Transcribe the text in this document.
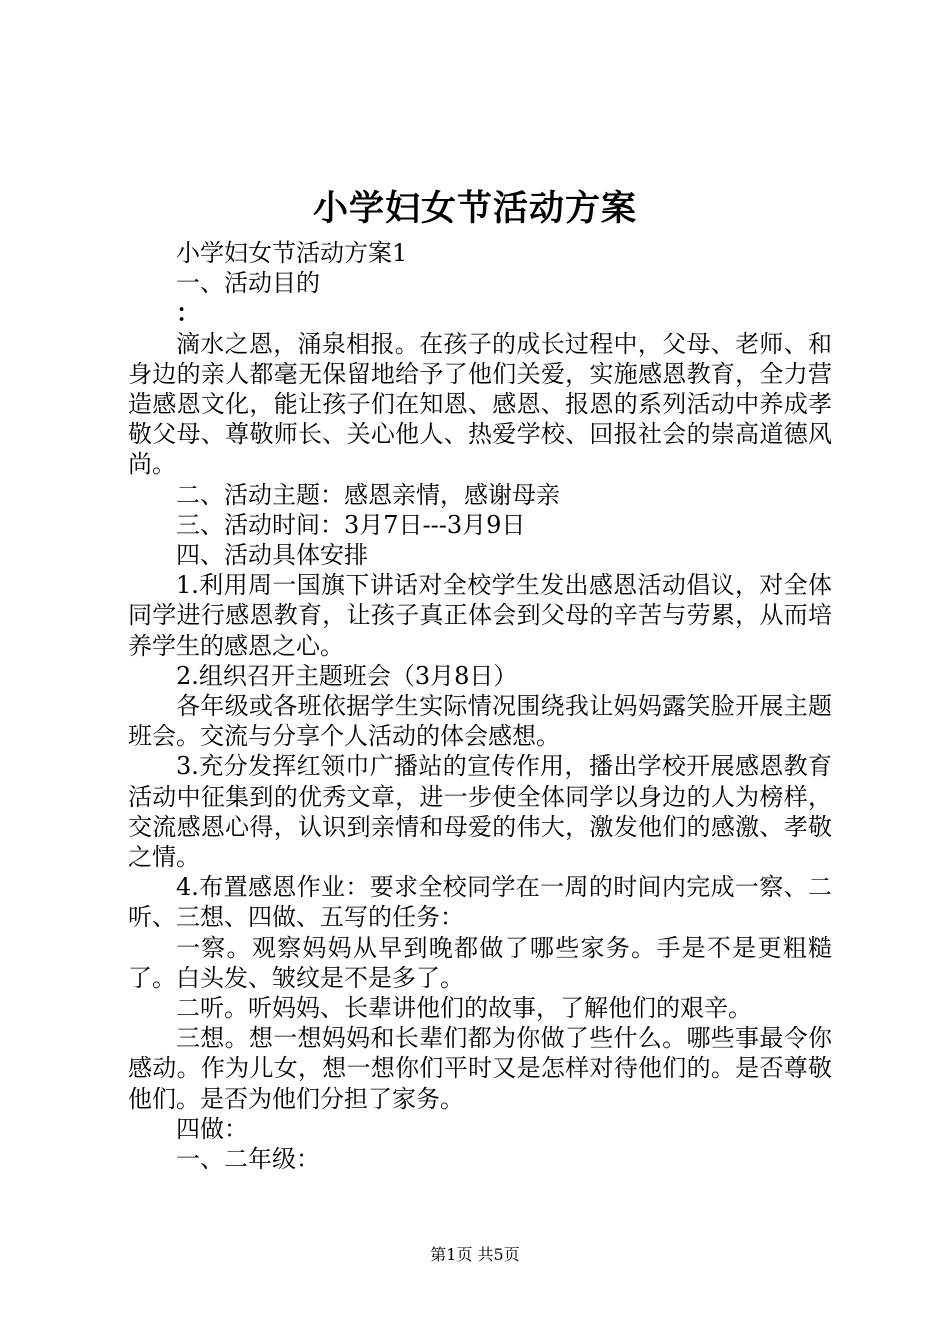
小学妇女节活动方案

小学妇女节活动方案1

一、活动目的

：

滴水之恩，涌泉相报。在孩子的成长过程中，父母、老师、和身边的亲人都毫无保留地给予了他们关爱，实施感恩教育，全力营造感恩文化，能让孩子们在知恩、感恩、报恩的系列活动中养成孝敬父母、尊敬师长、关心他人、热爱学校、回报社会的崇高道德风尚。

二、活动主题：感恩亲情，感谢母亲

三、活动时间：3月7日---3月9日

四、活动具体安排

1.利用周一国旗下讲话对全校学生发出感恩活动倡议，对全体同学进行感恩教育，让孩子真正体会到父母的辛苦与劳累，从而培养学生的感恩之心。

2.组织召开主题班会（3月8日）

各年级或各班依据学生实际情况围绕我让妈妈露笑脸开展主题班会。交流与分享个人活动的体会感想。

3.充分发挥红领巾广播站的宣传作用，播出学校开展感恩教育活动中征集到的优秀文章，进一步使全体同学以身边的人为榜样，交流感恩心得，认识到亲情和母爱的伟大，激发他们的感激、孝敬之情。

4.布置感恩作业：要求全校同学在一周的时间内完成一察、二听、三想、四做、五写的任务：

一察。观察妈妈从早到晚都做了哪些家务。手是不是更粗糙了。白头发、皱纹是不是多了。

二听。听妈妈、长辈讲他们的故事，了解他们的艰辛。

三想。想一想妈妈和长辈们都为你做了些什么。哪些事最令你感动。作为儿女，想一想你们平时又是怎样对待他们的。是否尊敬他们。是否为他们分担了家务。

四做：

一、二年级：

第1页 共5页
